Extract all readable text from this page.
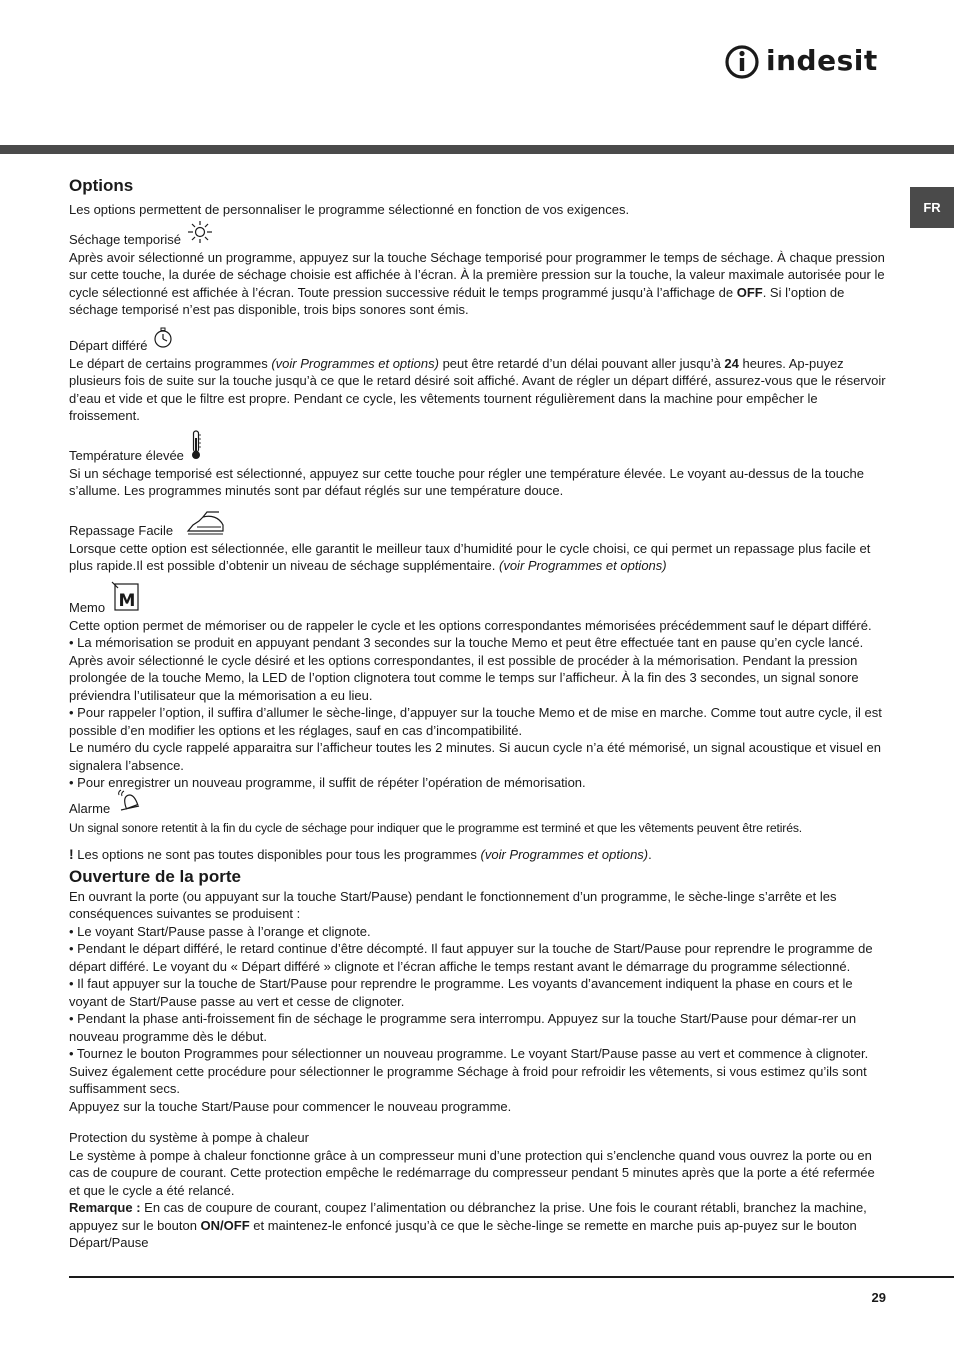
indesit
FR
Options

Les options permettent de personnaliser le programme sélectionné en fonction de vos exigences.

Séchage temporisé

Après avoir sélectionné un programme, appuyez sur la touche Séchage temporisé pour programmer le temps de séchage. À chaque pression sur cette touche, la durée de séchage choisie est affichée à l’écran. À la première pression sur la touche, la valeur maximale autorisée pour le cycle sélectionné est affichée à l’écran. Toute pression successive réduit le temps programmé jusqu’à l’affichage de OFF. Si l’option de séchage temporisé n’est pas disponible, trois bips sonores sont émis.

Départ différé

Le départ de certains programmes (voir Programmes et options) peut être retardé d’un délai pouvant aller jusqu’à 24 heures. Ap-puyez plusieurs fois de suite sur la touche jusqu’à ce que le retard désiré soit affiché. Avant de régler un départ différé, assurez-vous que le réservoir d’eau et vide et que le filtre est propre. Pendant ce cycle, les vêtements tournent régulièrement dans la machine pour empêcher le froissement.

Température élevée

Si un séchage temporisé est sélectionné, appuyez sur cette touche pour régler une température élevée. Le voyant au-dessus de la touche s’allume. Les programmes minutés sont par défaut réglés sur une température douce.

Repassage Facile

Lorsque cette option est sélectionnée, elle garantit le meilleur taux d’humidité pour le cycle choisi, ce qui permet un repassage plus facile et plus rapide.Il est possible d’obtenir un niveau de séchage supplémentaire. (voir Programmes et options)

Memo M

Cette option permet de mémoriser ou de rappeler le cycle et les options correspondantes mémorisées précédemment sauf le départ différé.

• La mémorisation se produit en appuyant pendant 3 secondes sur la touche Memo et peut être effectuée tant en pause qu’en cycle lancé. Après avoir sélectionné le cycle désiré et les options correspondantes, il est possible de procéder à la mémorisation. Pendant la pression prolongée de la touche Memo, la LED de l’option clignotera tout comme le temps sur l’afficheur. À la fin des 3 secondes, un signal sonore préviendra l’utilisateur que la mémorisation a eu lieu.

• Pour rappeler l’option, il suffira d’allumer le sèche-linge, d’appuyer sur la touche Memo et de mise en marche. Comme tout autre cycle, il est possible d’en modifier les options et les réglages, sauf en cas d’incompatibilité.

Le numéro du cycle rappelé apparaitra sur l’afficheur toutes les 2 minutes. Si aucun cycle n’a été mémorisé, un signal acoustique et visuel en signalera l’absence.

• Pour enregistrer un nouveau programme, il suffit de répéter l’opération de mémorisation.

Alarme

Un signal sonore retentit à la fin du cycle de séchage pour indiquer que le programme est terminé et que les vêtements peuvent être retirés.

! Les options ne sont pas toutes disponibles pour tous les programmes (voir Programmes et options).

Ouverture de la porte

En ouvrant la porte (ou appuyant sur la touche Start/Pause) pendant le fonctionnement d’un programme, le sèche-linge s’arrête et les conséquences suivantes se produisent :

• Le voyant Start/Pause passe à l’orange et clignote.

• Pendant le départ différé, le retard continue d’être décompté. Il faut appuyer sur la touche de Start/Pause pour reprendre le programme de départ différé. Le voyant du « Départ différé » clignote et l’écran affiche le temps restant avant le démarrage du programme sélectionné.

• Il faut appuyer sur la touche de Start/Pause pour reprendre le programme. Les voyants d’avancement indiquent la phase en cours et le voyant de Start/Pause passe au vert et cesse de clignoter.

• Pendant la phase anti-froissement fin de séchage le programme sera interrompu. Appuyez sur la touche Start/Pause pour démar-rer un nouveau programme dès le début.

• Tournez le bouton Programmes pour sélectionner un nouveau programme. Le voyant Start/Pause passe au vert et commence à clignoter. Suivez également cette procédure pour sélectionner le programme Séchage à froid pour refroidir les vêtements, si vous estimez qu’ils sont suffisamment secs.

Appuyez sur la touche Start/Pause pour commencer le nouveau programme.

Protection du système à pompe à chaleur

Le système à pompe à chaleur fonctionne grâce à un compresseur muni d’une protection qui s’enclenche quand vous ouvrez la porte ou en cas de coupure de courant. Cette protection empêche le redémarrage du compresseur pendant 5 minutes après que la porte a été refermée et que le cycle a été relancé.

Remarque : En cas de coupure de courant, coupez l’alimentation ou débranchez la prise. Une fois le courant rétabli, branchez la machine, appuyez sur le bouton ON/OFF et maintenez-le enfoncé jusqu’à ce que le sèche-linge se remette en marche puis ap-puyez sur le bouton Départ/Pause

29
